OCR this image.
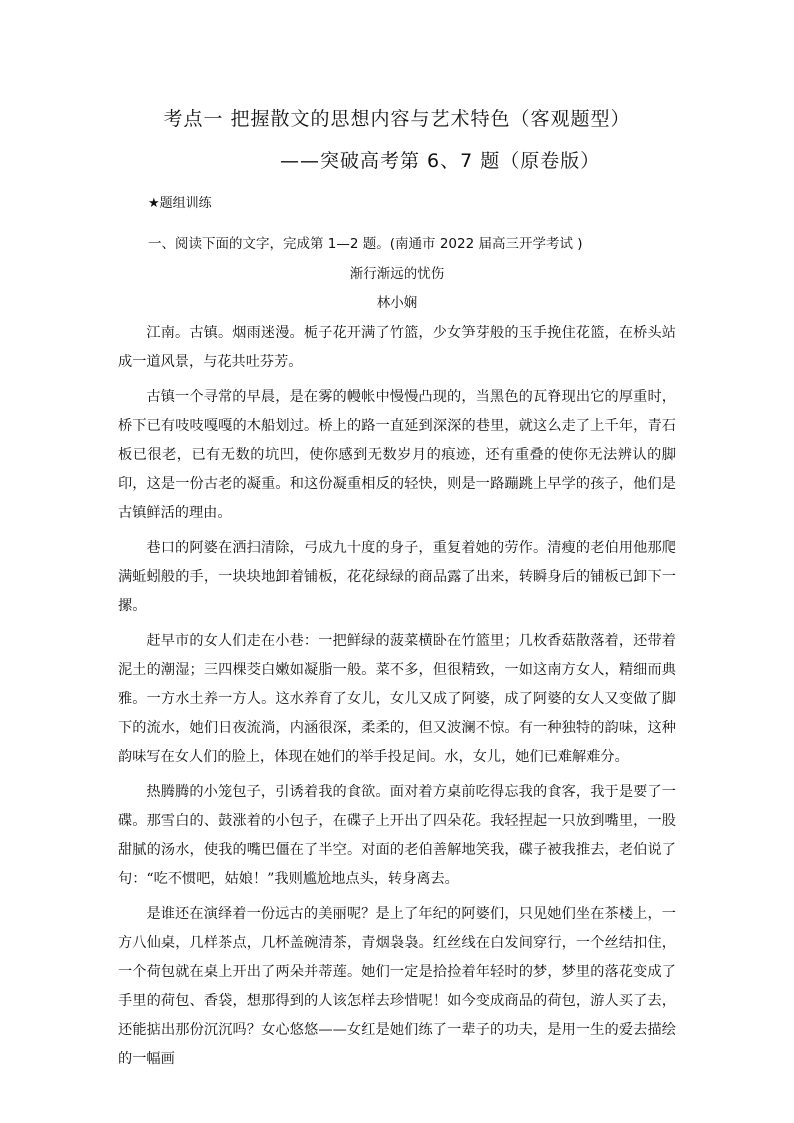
考点一 把握散文的思想内容与艺术特色（客观题型）
——突破高考第 6、7 题（原卷版）
★题组训练
一、阅读下面的文字，完成第 1—2 题。(南通市 2022 届高三开学考试 )
渐行渐远的忧伤
林小娴

江南。古镇。烟雨迷漫。栀子花开满了竹篮，少女笋芽般的玉手挽住花篮，在桥头站成一道风景，与花共吐芬芳。

古镇一个寻常的早晨，是在雾的幔帐中慢慢凸现的，当黑色的瓦脊现出它的厚重时，桥下已有吱吱嘎嘎的木船划过。桥上的路一直延到深深的巷里，就这么走了上千年，青石板已很老，已有无数的坑凹，使你感到无数岁月的痕迹，还有重叠的使你无法辨认的脚印，这是一份古老的凝重。和这份凝重相反的轻快，则是一路蹦跳上早学的孩子，他们是古镇鲜活的理由。

巷口的阿婆在洒扫清除，弓成九十度的身子，重复着她的劳作。清瘦的老伯用他那爬满蚯蚓般的手，一块块地卸着铺板，花花绿绿的商品露了出来，转瞬身后的铺板已卸下一摞。

赶早市的女人们走在小巷：一把鲜绿的菠菜横卧在竹篮里；几枚香菇散落着，还带着泥土的潮湿；三四棵茭白嫩如凝脂一般。菜不多，但很精致，一如这南方女人，精细而典雅。一方水土养一方人。这水养育了女儿，女儿又成了阿婆，成了阿婆的女人又变做了脚下的流水，她们日夜流淌，内涵很深，柔柔的，但又波澜不惊。有一种独特的韵味，这种韵味写在女人们的脸上，体现在她们的举手投足间。水，女儿，她们已难解难分。

热腾腾的小笼包子，引诱着我的食欲。面对着方桌前吃得忘我的食客，我于是要了一碟。那雪白的、鼓涨着的小包子，在碟子上开出了四朵花。我轻捏起一只放到嘴里，一股甜腻的汤水，使我的嘴巴僵在了半空。对面的老伯善解地笑我，碟子被我推去，老伯说了句：“吃不惯吧，姑娘！”我则尴尬地点头，转身离去。

是谁还在演绎着一份远古的美丽呢？是上了年纪的阿婆们，只见她们坐在茶楼上，一方八仙桌，几样茶点，几杯盖碗清茶，青烟袅袅。红丝线在白发间穿行，一个丝结扣住，一个荷包就在桌上开出了两朵并蒂莲。她们一定是拾捡着年轻时的梦，梦里的落花变成了手里的荷包、香袋，想那得到的人该怎样去珍惜呢！如今变成商品的荷包，游人买了去，还能掂出那份沉沉吗？女心悠悠——女红是她们练了一辈子的功夫，是用一生的爱去描绘的一幅画
